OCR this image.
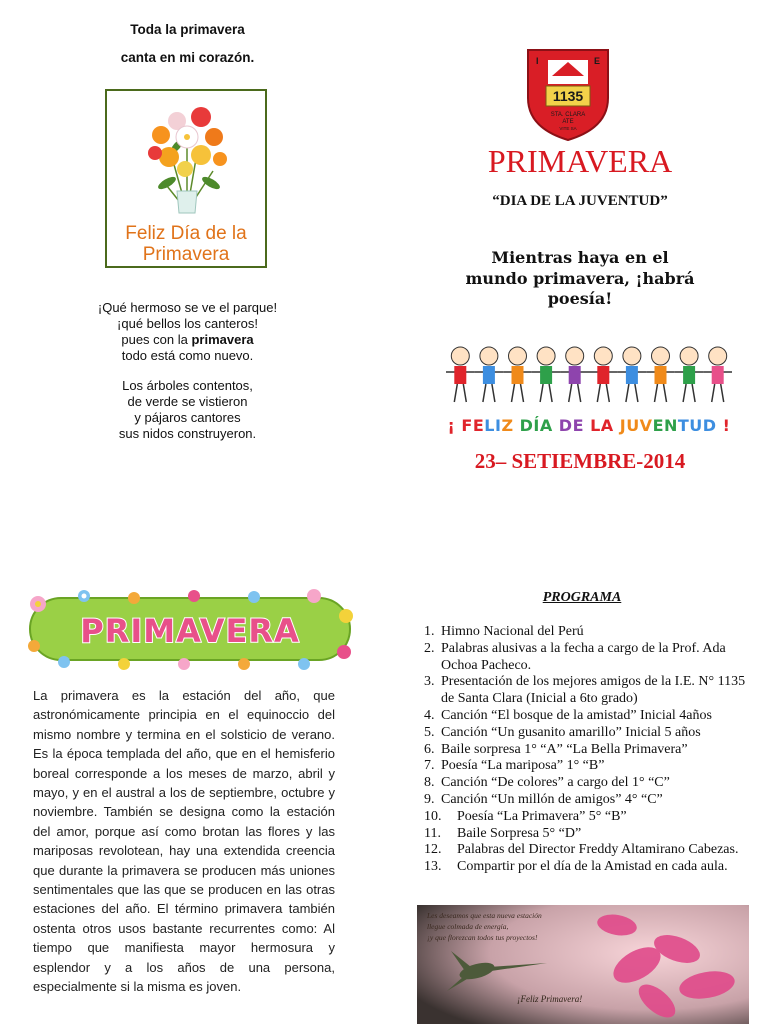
Toda la primavera
canta en mi corazón.
Feliz Día de la
Primavera

¡Qué hermoso se ve el parque!

¡qué bellos los canteros!

pues con la primavera

todo está como nuevo.

Los árboles contentos,

de verde se vistieron

y pájaros cantores

sus nidos construyeron.

I	E
1135
STA. CLARA
ATE
VITE SA
PRIMAVERA
“DIA DE LA JUVENTUD”
Mientras haya en el
mundo primavera, ¡habrá
poesía!
¡ FELIZ DÍA DE LA JUVENTUD !
23– SETIEMBRE-2014
PRIMAVERA
La primavera es la estación del año, que astronómicamente principia en el equinoccio del mismo nombre y termina en el solsticio de verano. Es la época templada del año, que en el hemisferio boreal corresponde a los meses de marzo, abril y mayo, y en el austral a los de septiembre, octubre y noviembre. También se designa como la estación del amor, porque así como brotan las flores y las mariposas revolotean, hay una extendida creencia que durante la primavera se producen más uniones sentimentales que las que se producen en las otras estaciones del año. El término primavera también ostenta otros usos bastante recurrentes como: Al tiempo que manifiesta mayor hermosura y esplendor y a los años de una persona, especialmente si la misma es joven.
PROGRAMA
1. Himno Nacional del Perú
2. Palabras alusivas a la fecha a cargo de la Prof. Ada Ochoa Pacheco.
3. Presentación de los mejores amigos de la I.E. N° 1135 de Santa Clara (Inicial a 6to grado)
4. Canción “El bosque de la amistad” Inicial 4años
5. Canción “Un gusanito amarillo” Inicial 5 años
6. Baile sorpresa 1° “A” “La Bella Primavera”
7. Poesía “La mariposa” 1° “B”
8. Canción “De colores” a cargo del 1° “C”
9. Canción “Un millón de amigos” 4° “C”
10.	Poesía “La Primavera” 5° “B”
11.	Baile Sorpresa 5° “D”
12.	Palabras del Director Freddy Altamirano Cabezas.
13.	Compartir por el día de la Amistad en cada aula.
Les deseamos que esta nueva estación
llegue colmada de energía,
¡y que florezcan todos tus proyectos!
¡Feliz Primavera!
